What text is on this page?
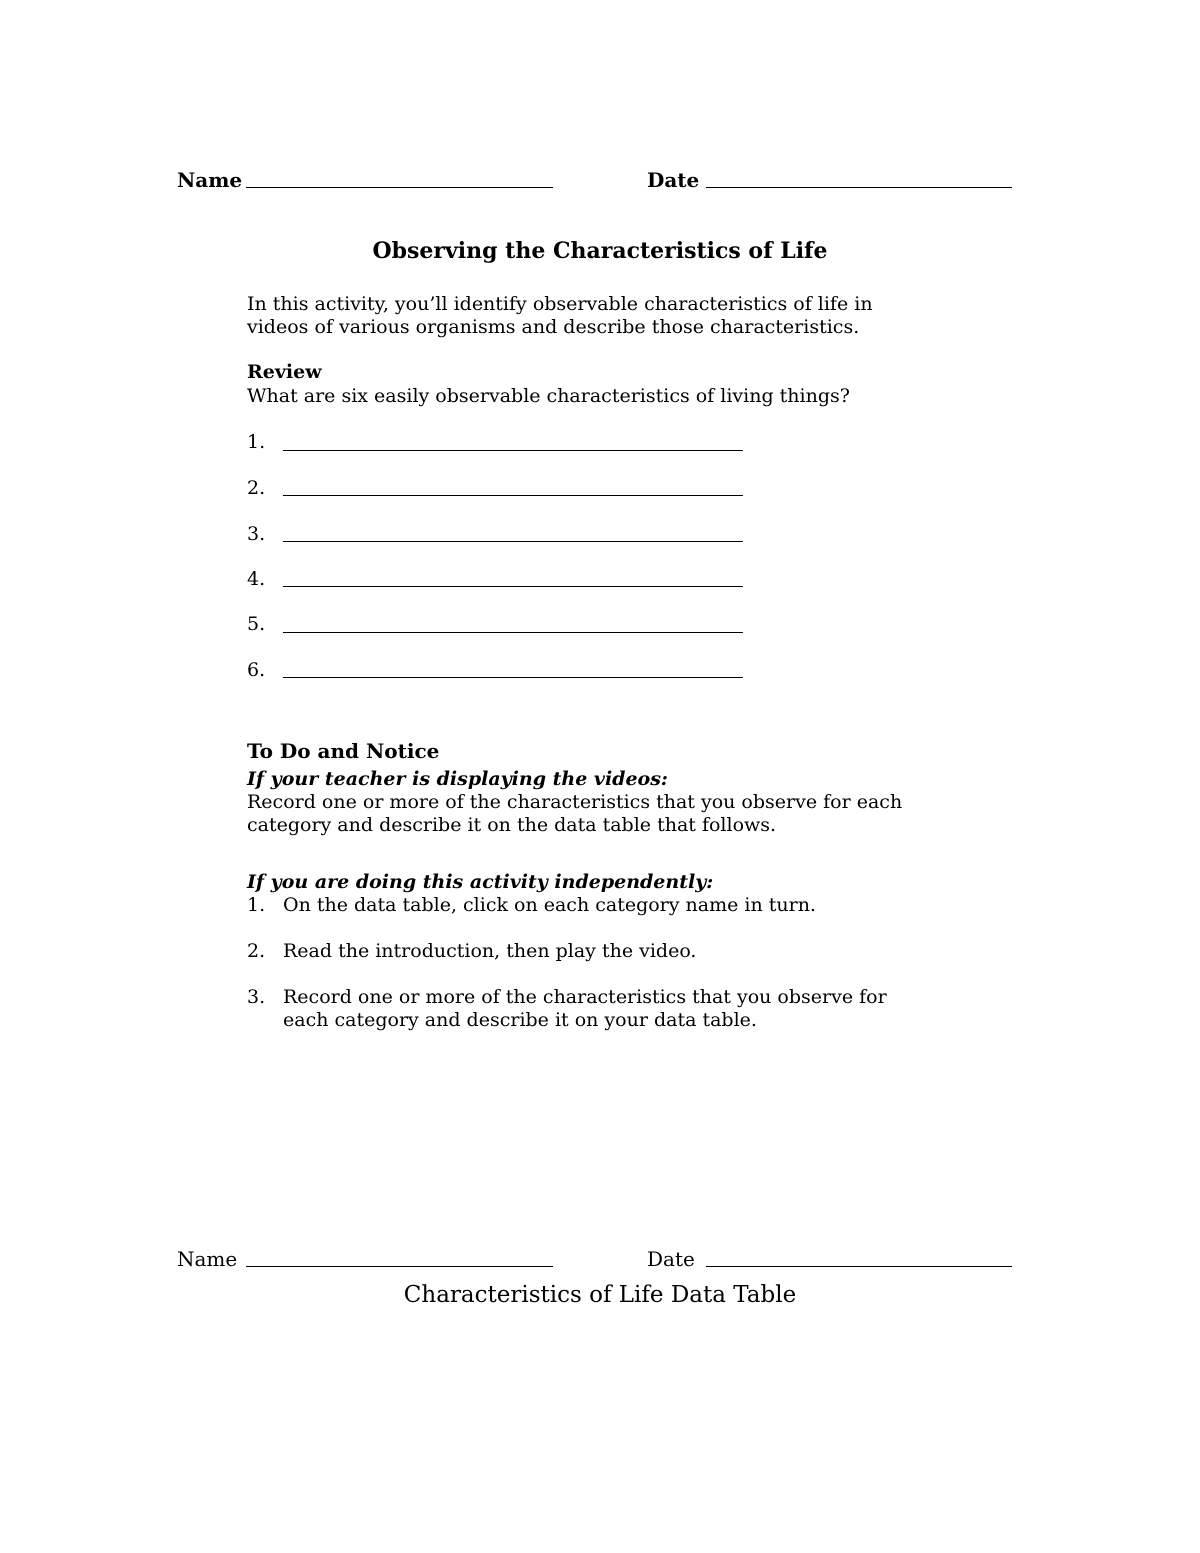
Name	Date
Observing the Characteristics of Life
In this activity, you’ll identify observable characteristics of life in
videos of various organisms and describe those characteristics.
Review
What are six easily observable characteristics of living things?
1.
2.
3.
4.
5.
6.
To Do and Notice
If your teacher is displaying the videos:
Record one or more of the characteristics that you observe for each
category and describe it on the data table that follows.
If you are doing this activity independently:
1. On the data table, click on each category name in turn.
2. Read the introduction, then play the video.
3. Record one or more of the characteristics that you observe for
each category and describe it on your data table.
Name	Date
Characteristics of Life Data Table
